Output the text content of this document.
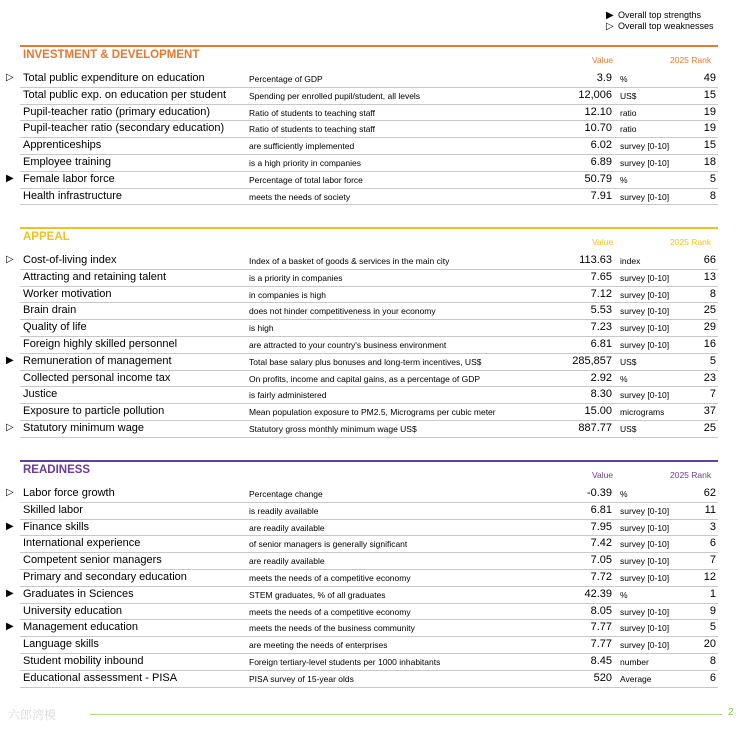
▶ Overall top strengths
▷ Overall top weaknesses
INVESTMENT & DEVELOPMENT	Value	2025 Rank
▷ Total public expenditure on education	Percentage of GDP	3.9 %	49
Total public exp. on education per student	Spending per enrolled pupil/student, all levels	12,006 US$	15
Pupil-teacher ratio (primary education)	Ratio of students to teaching staff	12.10 ratio	19
Pupil-teacher ratio (secondary education)	Ratio of students to teaching staff	10.70 ratio	19
Apprenticeships	are sufficiently implemented	6.02 survey [0-10]	15
Employee training	is a high priority in companies	6.89 survey [0-10]	18
▶ Female labor force	Percentage of total labor force	50.79 %	5
Health infrastructure	meets the needs of society	7.91 survey [0-10]	8
APPEAL	Value	2025 Rank
▷ Cost-of-living index	Index of a basket of goods & services in the main city	113.63 index	66
Attracting and retaining talent	is a priority in companies	7.65 survey [0-10]	13
Worker motivation	in companies is high	7.12 survey [0-10]	8
Brain drain	does not hinder competitiveness in your economy	5.53 survey [0-10]	25
Quality of life	is high	7.23 survey [0-10]	29
Foreign highly skilled personnel	are attracted to your country's business environment	6.81 survey [0-10]	16
▶ Remuneration of management	Total base salary plus bonuses and long-term incentives, US$	285,857 US$	5
Collected personal income tax	On profits, income and capital gains, as a percentage of GDP	2.92 %	23
Justice	is fairly administered	8.30 survey [0-10]	7
Exposure to particle pollution	Mean population exposure to PM2.5, Micrograms per cubic meter	15.00 micrograms	37
▷ Statutory minimum wage	Statutory gross monthly minimum wage US$	887.77 US$	25
READINESS	Value	2025 Rank
▷ Labor force growth	Percentage change	-0.39 %	62
Skilled labor	is readily available	6.81 survey [0-10]	11
▶ Finance skills	are readily available	7.95 survey [0-10]	3
International experience	of senior managers is generally significant	7.42 survey [0-10]	6
Competent senior managers	are readily available	7.05 survey [0-10]	7
Primary and secondary education	meets the needs of a competitive economy	7.72 survey [0-10]	12
▶ Graduates in Sciences	STEM graduates, % of all graduates	42.39 %	1
University education	meets the needs of a competitive economy	8.05 survey [0-10]	9
▶ Management education	meets the needs of the business community	7.77 survey [0-10]	5
Language skills	are meeting the needs of enterprises	7.77 survey [0-10]	20
Student mobility inbound	Foreign tertiary-level students per 1000 inhabitants	8.45 number	8
Educational assessment - PISA	PISA survey of 15-year olds	520 Average	6
六郎湾模	2
